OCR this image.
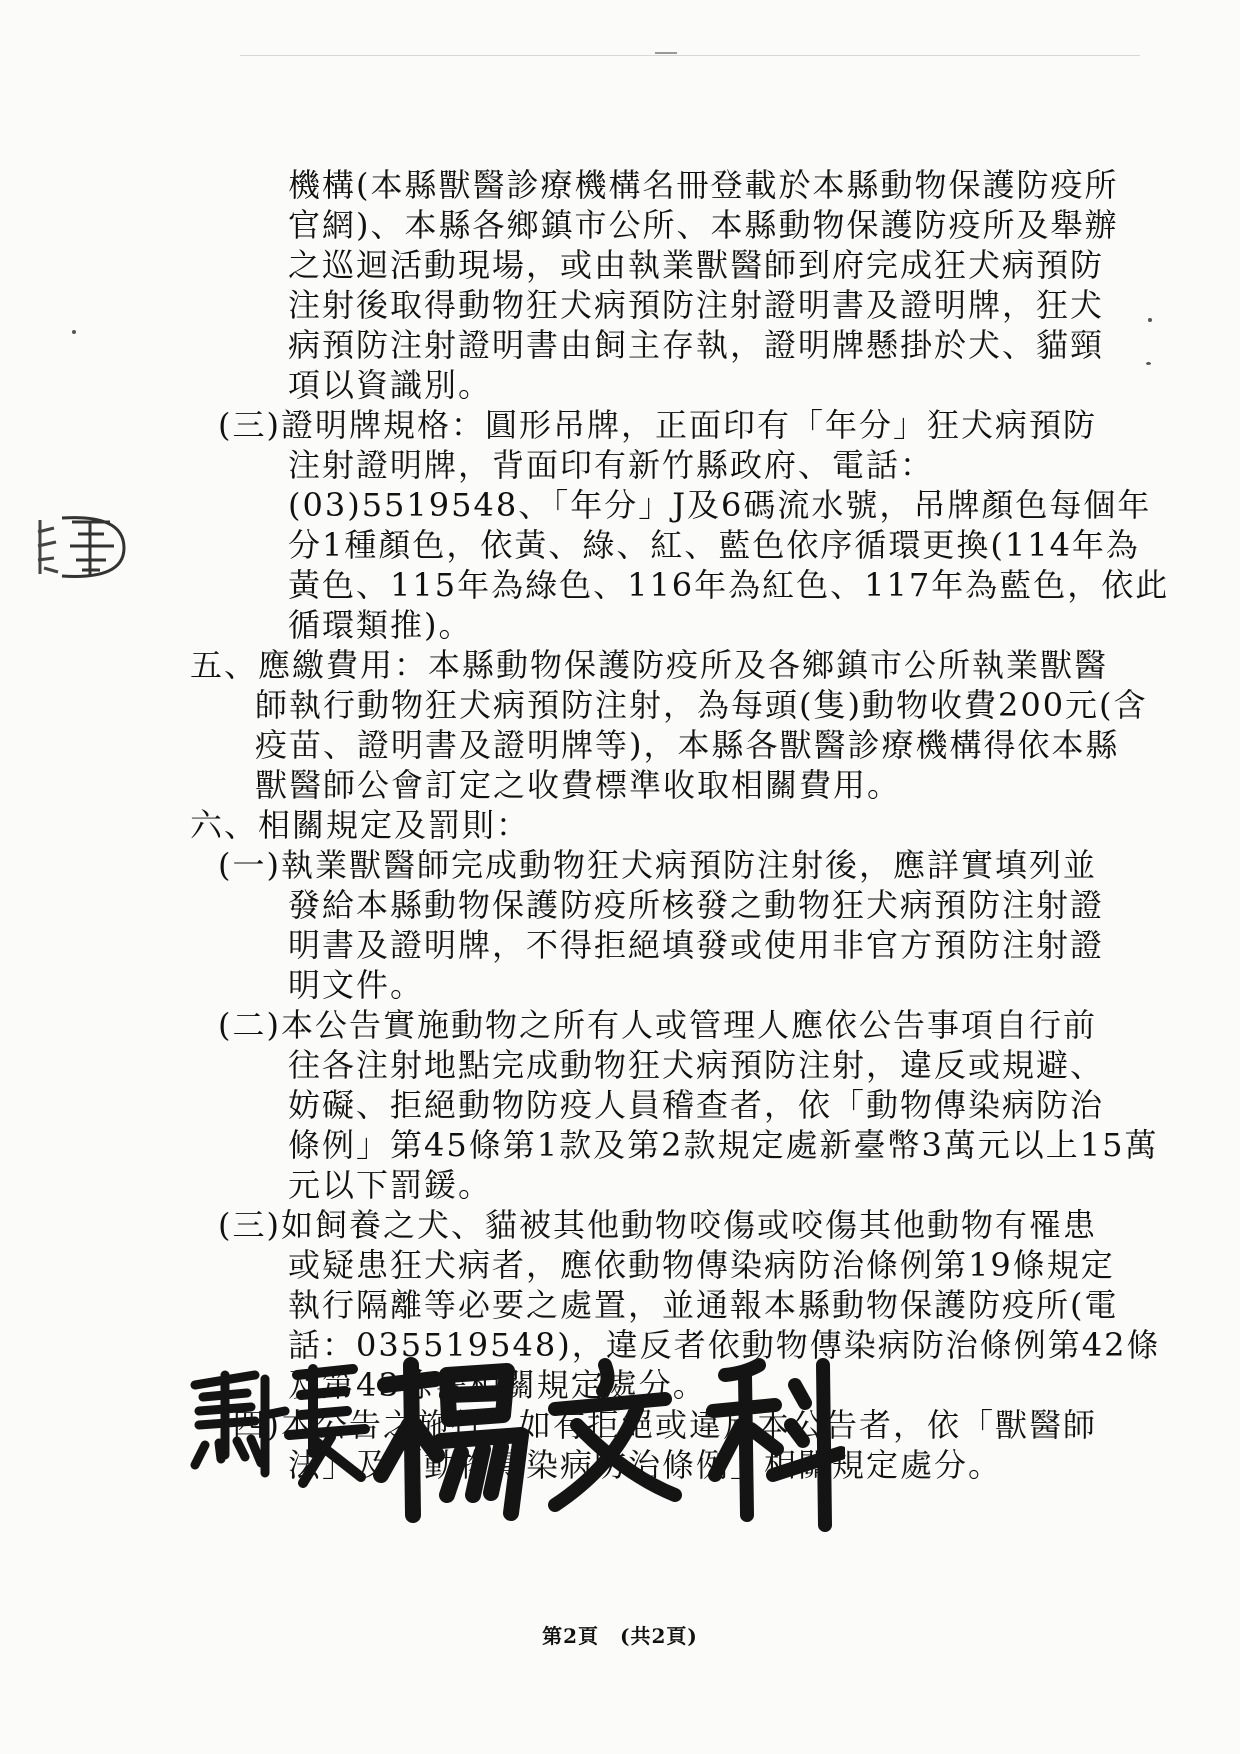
機構(本縣獸醫診療機構名冊登載於本縣動物保護防疫所
官網)、本縣各鄉鎮市公所、本縣動物保護防疫所及舉辦
之巡迴活動現場，或由執業獸醫師到府完成狂犬病預防
注射後取得動物狂犬病預防注射證明書及證明牌，狂犬
病預防注射證明書由飼主存執，證明牌懸掛於犬、貓頸
項以資識別。
(三)證明牌規格：圓形吊牌，正面印有「年分」狂犬病預防
注射證明牌，背面印有新竹縣政府、電話：
(03)5519548、「年分」J及6碼流水號，吊牌顏色每個年
分1種顏色，依黃、綠、紅、藍色依序循環更換(114年為
黃色、115年為綠色、116年為紅色、117年為藍色，依此
循環類推)。
五、應繳費用：本縣動物保護防疫所及各鄉鎮市公所執業獸醫
師執行動物狂犬病預防注射，為每頭(隻)動物收費200元(含
疫苗、證明書及證明牌等)，本縣各獸醫診療機構得依本縣
獸醫師公會訂定之收費標準收取相關費用。
六、相關規定及罰則：
(一)執業獸醫師完成動物狂犬病預防注射後，應詳實填列並
發給本縣動物保護防疫所核發之動物狂犬病預防注射證
明書及證明牌，不得拒絕填發或使用非官方預防注射證
明文件。
(二)本公告實施動物之所有人或管理人應依公告事項自行前
往各注射地點完成動物狂犬病預防注射，違反或規避、
妨礙、拒絕動物防疫人員稽查者，依「動物傳染病防治
條例」第45條第1款及第2款規定處新臺幣3萬元以上15萬
元以下罰鍰。
(三)如飼養之犬、貓被其他動物咬傷或咬傷其他動物有罹患
或疑患狂犬病者，應依動物傳染病防治條例第19條規定
執行隔離等必要之處置，並通報本縣動物保護防疫所(電
話：035519548)，違反者依動物傳染病防治條例第42條
及第43條等相關規定處分。
(四)本公告之施行，如有拒絕或違反本公告者，依「獸醫師
法」及「動物傳染病防治條例」相關規定處分。
第2頁　(共2頁)
